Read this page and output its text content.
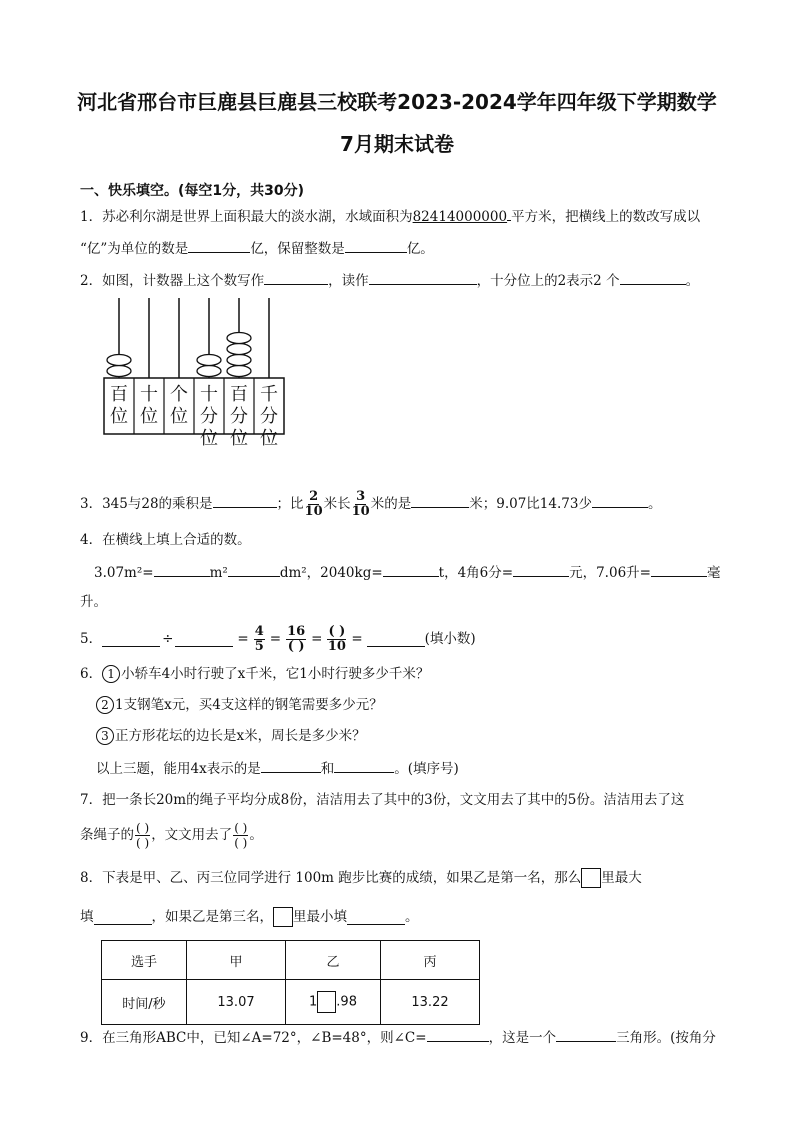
河北省邢台市巨鹿县巨鹿县三校联考2023-2024学年四年级下学期数学
7月期末试卷
一、快乐填空。(每空1分，共30分)
1．苏必利尔湖是世界上面积最大的淡水湖，水域面积为82414000000 平方米，把横线上的数改写成以
“亿”为单位的数是	亿，保留整数是	亿。
2．如图，计数器上这个数写作	，读作	，十分位上的2表示2 个	。
百
位
十
位
个
位
十
分
位
百
分
位
千
分
位
3．345与28的乘积是	；比 $\frac{2}{10}$ 米长 $\frac{3}{10}$ 米的是	米；9.07比14.73少	。
4．在横线上填上合适的数。
3.07m²=	m²	dm²，2040kg=	t，4角6分=	元，7.06升=	毫
升。
5．	÷	= $\frac{4}{5} = \frac{16}{( )} = \frac{( )}{10}$ =	(填小数)
6． 1 小轿车4小时行驶了x千米，它1小时行驶多少千米？
2 1支钢笔x元，买4支这样的钢笔需要多少元？
3 正方形花坛的边长是x米，周长是多少米？
以上三题，能用4x表示的是	和	。(填序号)
7．把一条长20m的绳子平均分成8份，洁洁用去了其中的3份，文文用去了其中的5份。洁洁用去了这
条绳子的 $\frac{( )}{( )}$ ，文文用去了 $\frac{( )}{( )}$ 。
8． 下表是甲、乙、丙三位同学进行 100m 跑步比赛的成绩，如果乙是第一名，那么 里最大
填	，如果乙是第三名， 里最小填	。
选手	甲	乙	丙
时间/秒	13.07	1 .98	13.22
9．在三角形ABC中，已知∠A=72°，∠B=48°，则∠C=	，这是一个	三角形。(按角分
